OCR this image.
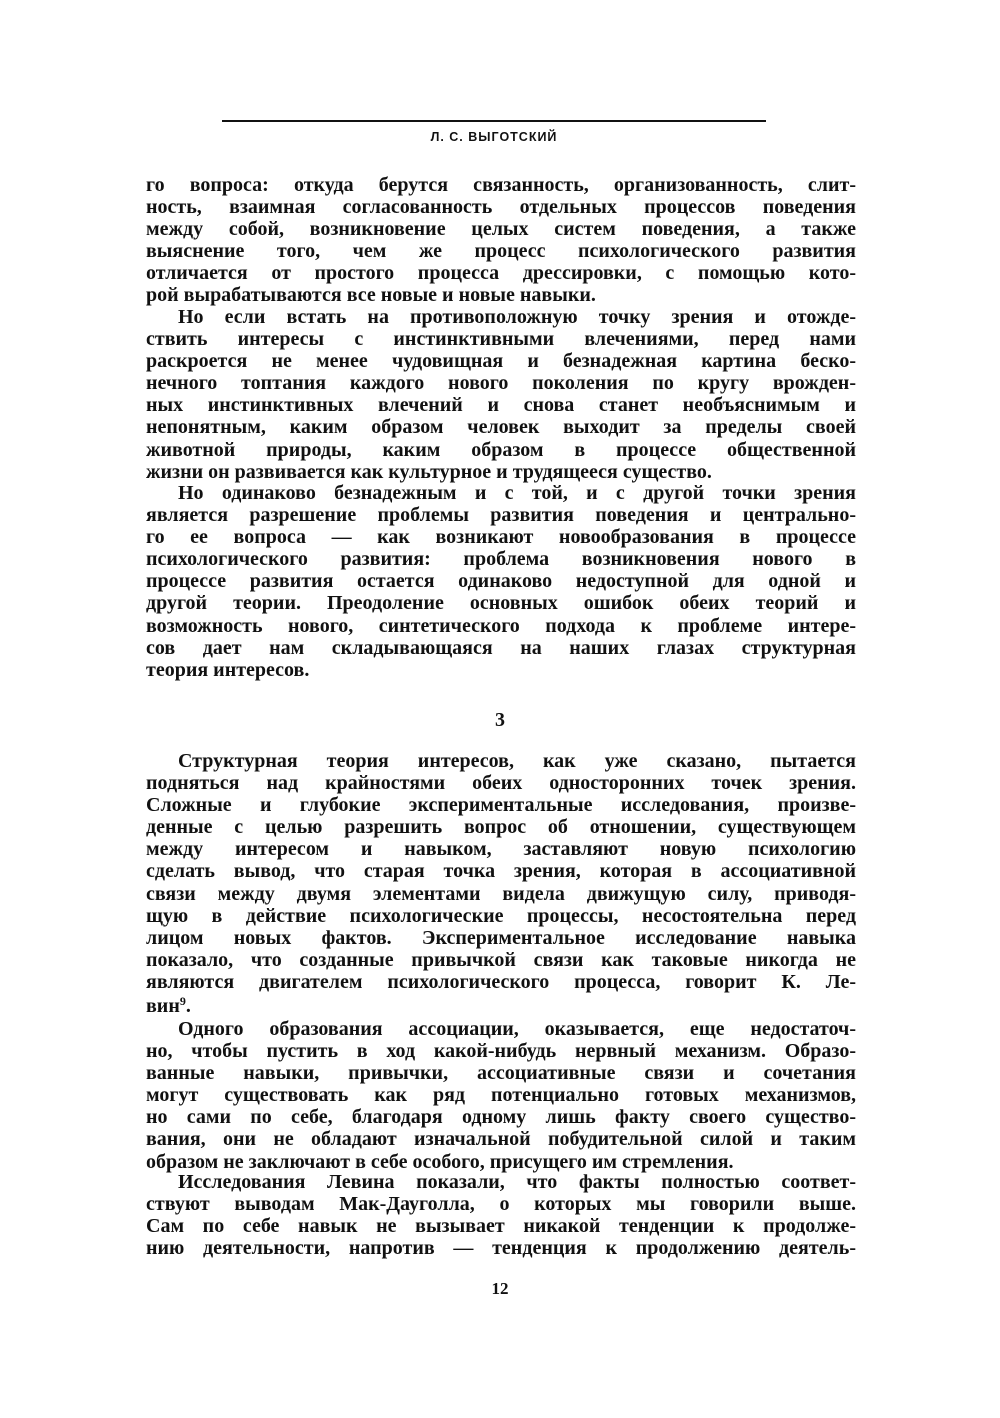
Л. С. ВЫГОТСКИЙ
го вопроса: откуда берутся связанность, организованность, слит-
ность, взаимная согласованность отдельных процессов поведения
между собой, возникновение целых систем поведения, а также
выяснение того, чем же процесс психологического развития
отличается от простого процесса дрессировки, с помощью кото-
рой вырабатываются все новые и новые навыки.
Но если встать на противоположную точку зрения и отожде-
ствить интересы с инстинктивными влечениями, перед нами
раскроется не менее чудовищная и безнадежная картина беско-
нечного топтания каждого нового поколения по кругу врожден-
ных инстинктивных влечений и снова станет необъяснимым и
непонятным, каким образом человек выходит за пределы своей
животной природы, каким образом в процессе общественной
жизни он развивается как культурное и трудящееся существо.
Но одинаково безнадежным и с той, и с другой точки зрения
является разрешение проблемы развития поведения и центрально-
го ее вопроса — как возникают новообразования в процессе
психологического развития: проблема возникновения нового в
процессе развития остается одинаково недоступной для одной и
другой теории. Преодоление основных ошибок обеих теорий и
возможность нового, синтетического подхода к проблеме интере-
сов дает нам складывающаяся на наших глазах структурная
теория интересов.
3
Структурная теория интересов, как уже сказано, пытается
подняться над крайностями обеих односторонних точек зрения.
Сложные и глубокие экспериментальные исследования, произве-
денные с целью разрешить вопрос об отношении, существующем
между интересом и навыком, заставляют новую психологию
сделать вывод, что старая точка зрения, которая в ассоциативной
связи между двумя элементами видела движущую силу, приводя-
щую в действие психологические процессы, несостоятельна перед
лицом новых фактов. Экспериментальное исследование навыка
показало, что созданные привычкой связи как таковые никогда не
являются двигателем психологического процесса, говорит К. Ле-
вин$^9$.
Одного образования ассоциации, оказывается, еще недостаточ-
но, чтобы пустить в ход какой-нибудь нервный механизм. Образо-
ванные навыки, привычки, ассоциативные связи и сочетания
могут существовать как ряд потенциально готовых механизмов,
но сами по себе, благодаря одному лишь факту своего существо-
вания, они не обладают изначальной побудительной силой и таким
образом не заключают в себе особого, присущего им стремления.
Исследования Левина показали, что факты полностью соответ-
ствуют выводам Мак-Дауголла, о которых мы говорили выше.
Сам по себе навык не вызывает никакой тенденции к продолже-
нию деятельности, напротив — тенденция к продолжению деятель-
12
